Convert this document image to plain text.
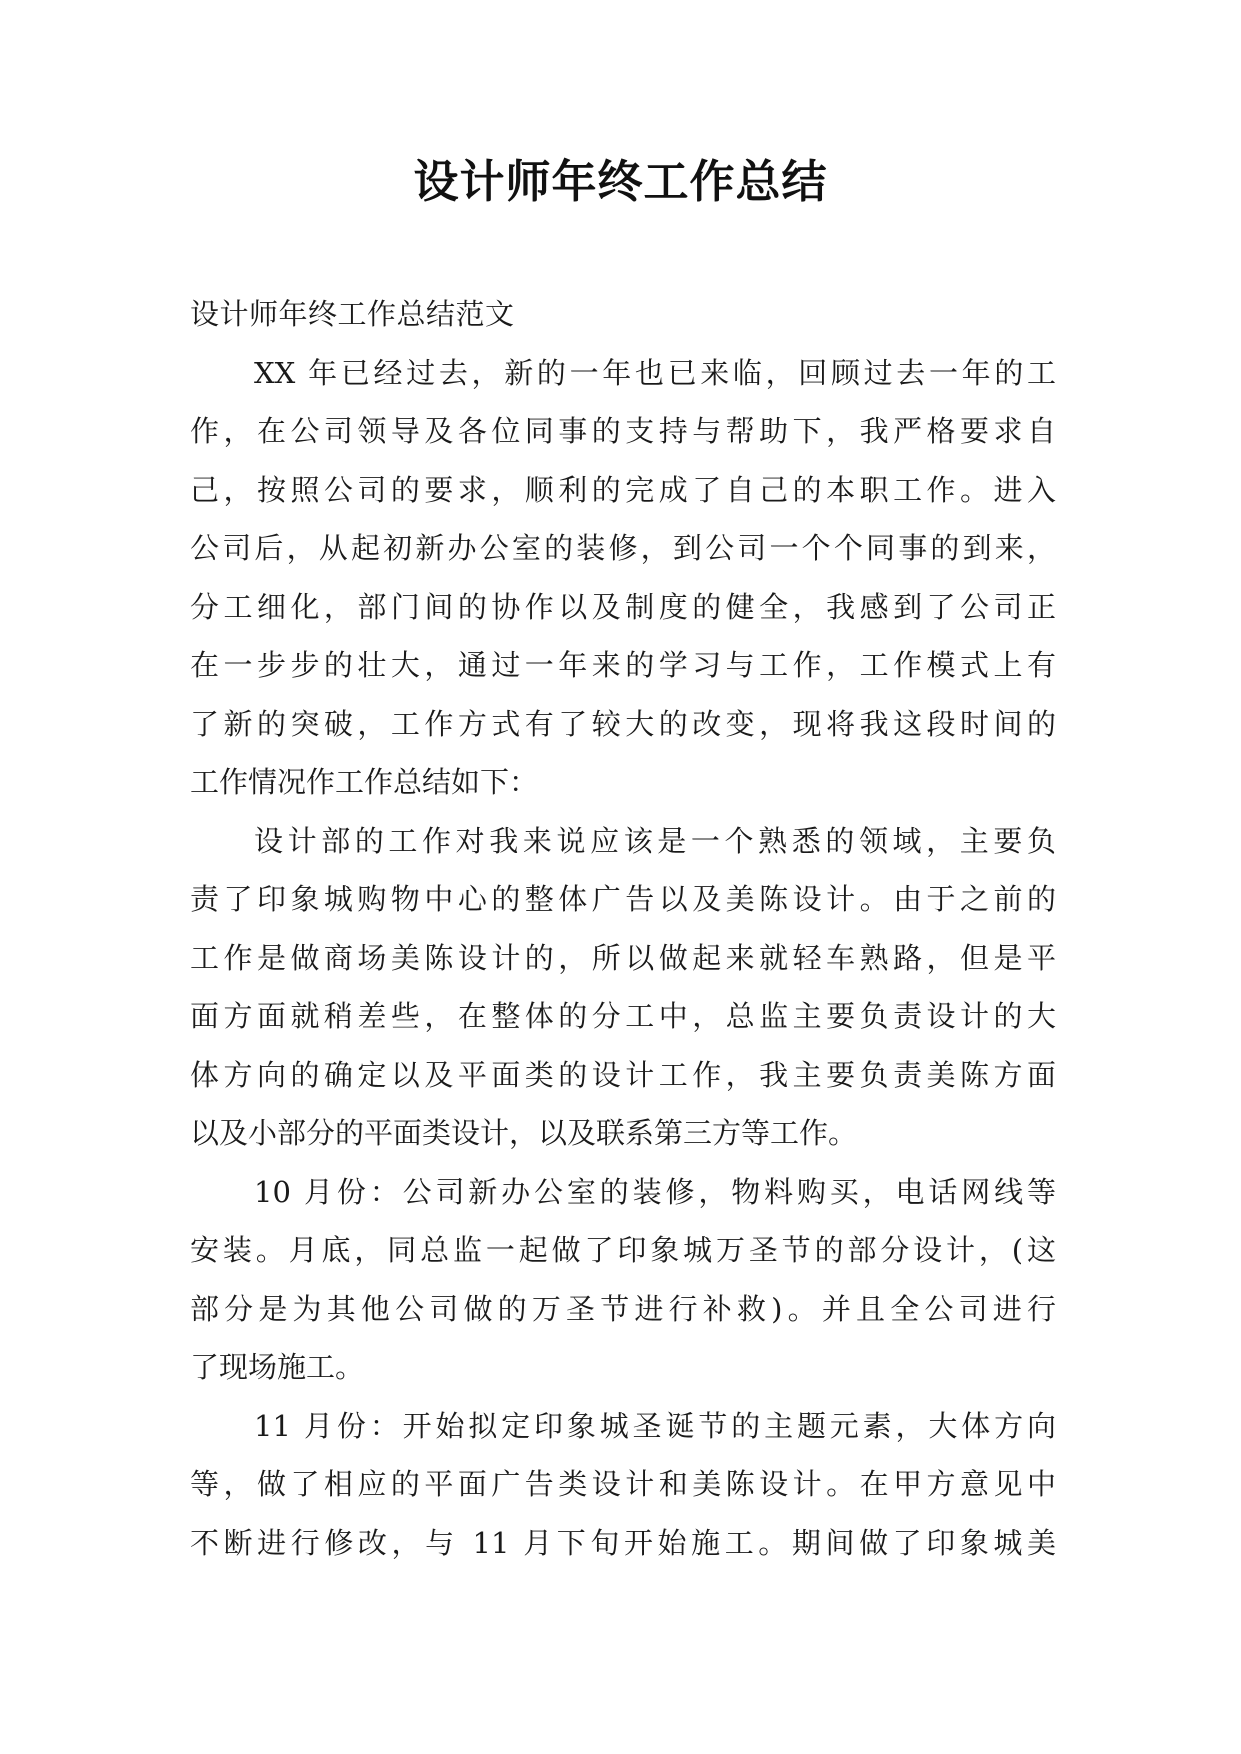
设计师年终工作总结

设计师年终工作总结范文

XX 年已经过去，新的一年也已来临，回顾过去一年的工
作，在公司领导及各位同事的支持与帮助下，我严格要求自
己，按照公司的要求，顺利的完成了自己的本职工作。进入
公司后，从起初新办公室的装修，到公司一个个同事的到来，
分工细化，部门间的协作以及制度的健全，我感到了公司正
在一步步的壮大，通过一年来的学习与工作，工作模式上有
了新的突破，工作方式有了较大的改变，现将我这段时间的
工作情况作工作总结如下：
设计部的工作对我来说应该是一个熟悉的领域，主要负
责了印象城购物中心的整体广告以及美陈设计。由于之前的
工作是做商场美陈设计的，所以做起来就轻车熟路，但是平
面方面就稍差些，在整体的分工中，总监主要负责设计的大
体方向的确定以及平面类的设计工作，我主要负责美陈方面
以及小部分的平面类设计，以及联系第三方等工作。
10 月份：公司新办公室的装修，物料购买，电话网线等
安装。月底，同总监一起做了印象城万圣节的部分设计，(这
部分是为其他公司做的万圣节进行补救)。并且全公司进行
了现场施工。
11 月份：开始拟定印象城圣诞节的主题元素，大体方向
等，做了相应的平面广告类设计和美陈设计。在甲方意见中
不断进行修改，与 11 月下旬开始施工。期间做了印象城美
